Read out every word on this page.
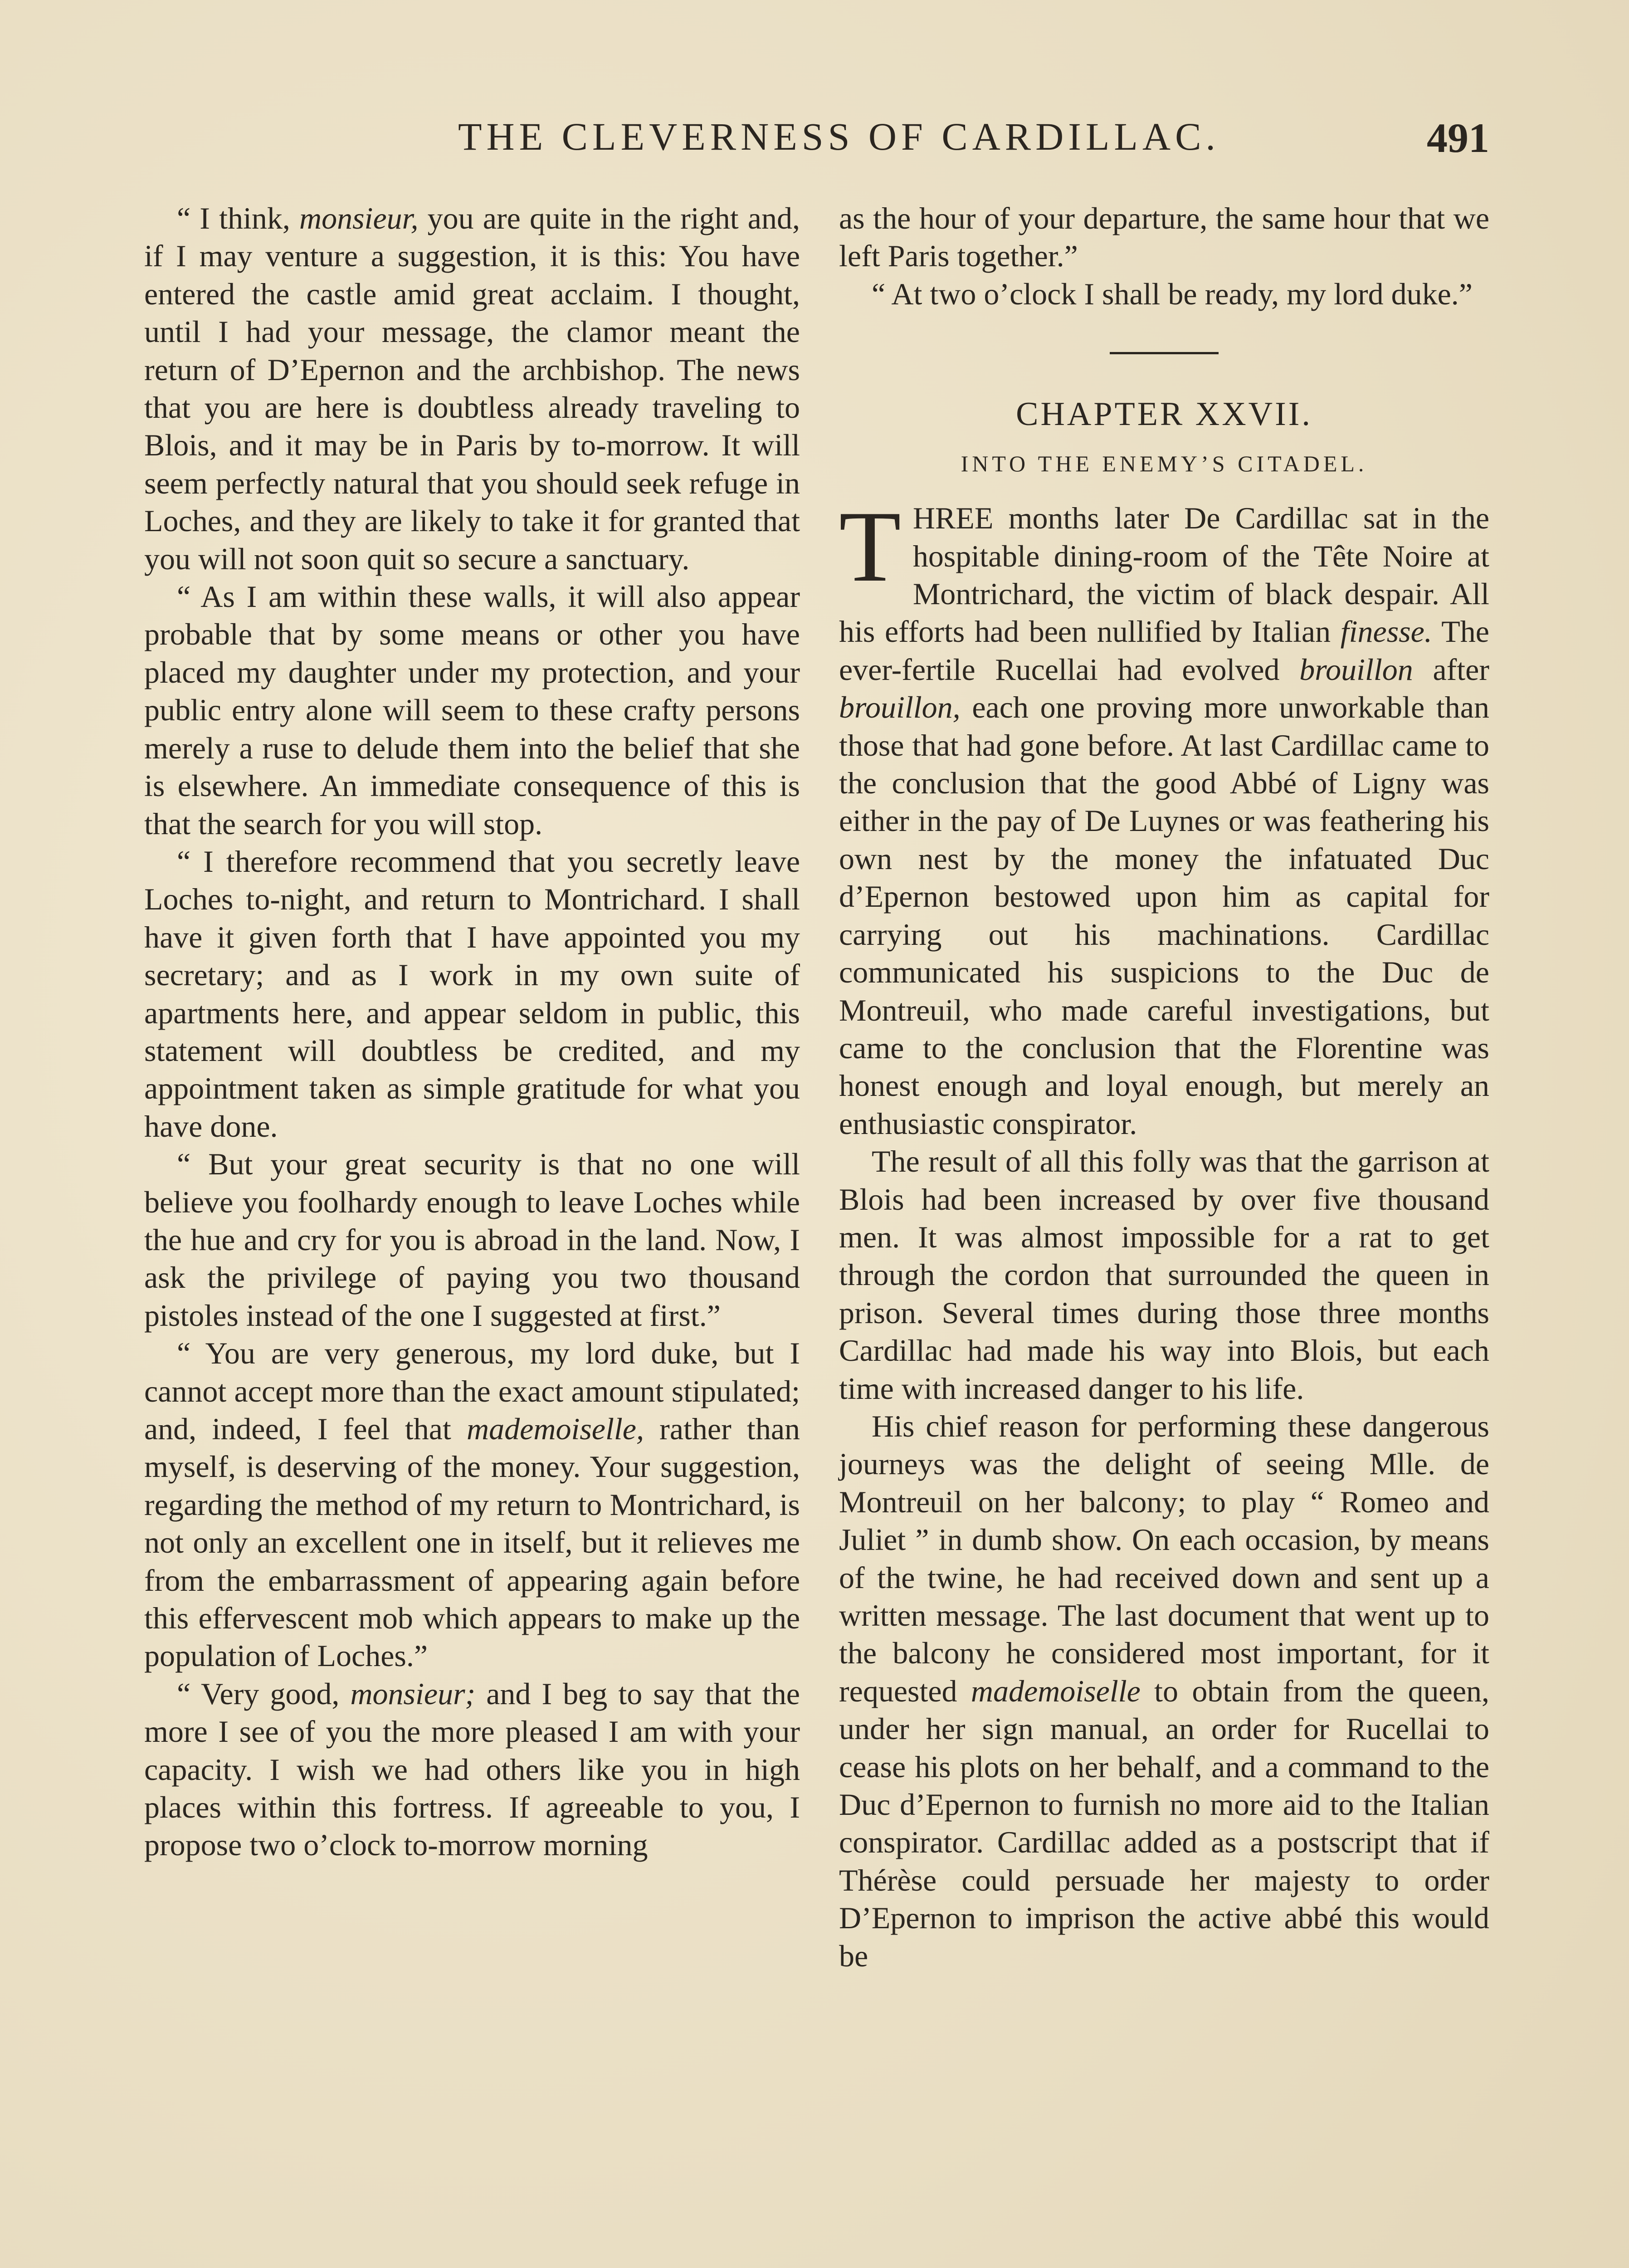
THE CLEVERNESS OF CARDILLAC.	491

“ I think, monsieur, you are quite in the right and, if I may venture a suggestion, it is this: You have entered the castle amid great acclaim. I thought, until I had your message, the clamor meant the return of D’Epernon and the archbishop. The news that you are here is doubtless already traveling to Blois, and it may be in Paris by to-morrow. It will seem perfectly natural that you should seek refuge in Loches, and they are likely to take it for granted that you will not soon quit so secure a sanctuary.

“ As I am within these walls, it will also appear probable that by some means or other you have placed my daughter under my protection, and your public entry alone will seem to these crafty persons merely a ruse to delude them into the belief that she is elsewhere. An immediate consequence of this is that the search for you will stop.

“ I therefore recommend that you secretly leave Loches to-night, and return to Montrichard. I shall have it given forth that I have appointed you my secretary; and as I work in my own suite of apartments here, and appear seldom in public, this statement will doubtless be credited, and my appointment taken as simple gratitude for what you have done.

“ But your great security is that no one will believe you foolhardy enough to leave Loches while the hue and cry for you is abroad in the land. Now, I ask the privilege of paying you two thousand pistoles instead of the one I suggested at first.”

“ You are very generous, my lord duke, but I cannot accept more than the exact amount stipulated; and, indeed, I feel that mademoiselle, rather than myself, is deserving of the money. Your suggestion, regarding the method of my return to Montrichard, is not only an excellent one in itself, but it relieves me from the embarrassment of appearing again before this effervescent mob which appears to make up the population of Loches.”

“ Very good, monsieur; and I beg to say that the more I see of you the more pleased I am with your capacity. I wish we had others like you in high places within this fortress. If agreeable to you, I propose two o’clock to-morrow morning

as the hour of your departure, the same hour that we left Paris together.”

“ At two o’clock I shall be ready, my lord duke.”

CHAPTER XXVII.
INTO THE ENEMY’S CITADEL.

THREE months later De Cardillac sat in the hospitable dining-room of the Tête Noire at Montrichard, the victim of black despair. All his efforts had been nullified by Italian finesse. The ever-fertile Rucellai had evolved brouillon after brouillon, each one proving more unworkable than those that had gone before. At last Cardillac came to the conclusion that the good Abbé of Ligny was either in the pay of De Luynes or was feathering his own nest by the money the infatuated Duc d’Epernon bestowed upon him as capital for carrying out his machinations. Cardillac communicated his suspicions to the Duc de Montreuil, who made careful investigations, but came to the conclusion that the Florentine was honest enough and loyal enough, but merely an enthusiastic conspirator.

The result of all this folly was that the garrison at Blois had been increased by over five thousand men. It was almost impossible for a rat to get through the cordon that surrounded the queen in prison. Several times during those three months Cardillac had made his way into Blois, but each time with increased danger to his life.

His chief reason for performing these dangerous journeys was the delight of seeing Mlle. de Montreuil on her balcony; to play “ Romeo and Juliet ” in dumb show. On each occasion, by means of the twine, he had received down and sent up a written message. The last document that went up to the balcony he considered most important, for it requested mademoiselle to obtain from the queen, under her sign manual, an order for Rucellai to cease his plots on her behalf, and a command to the Duc d’Epernon to furnish no more aid to the Italian conspirator. Cardillac added as a postscript that if Thérèse could persuade her majesty to order D’Epernon to imprison the active abbé this would be
